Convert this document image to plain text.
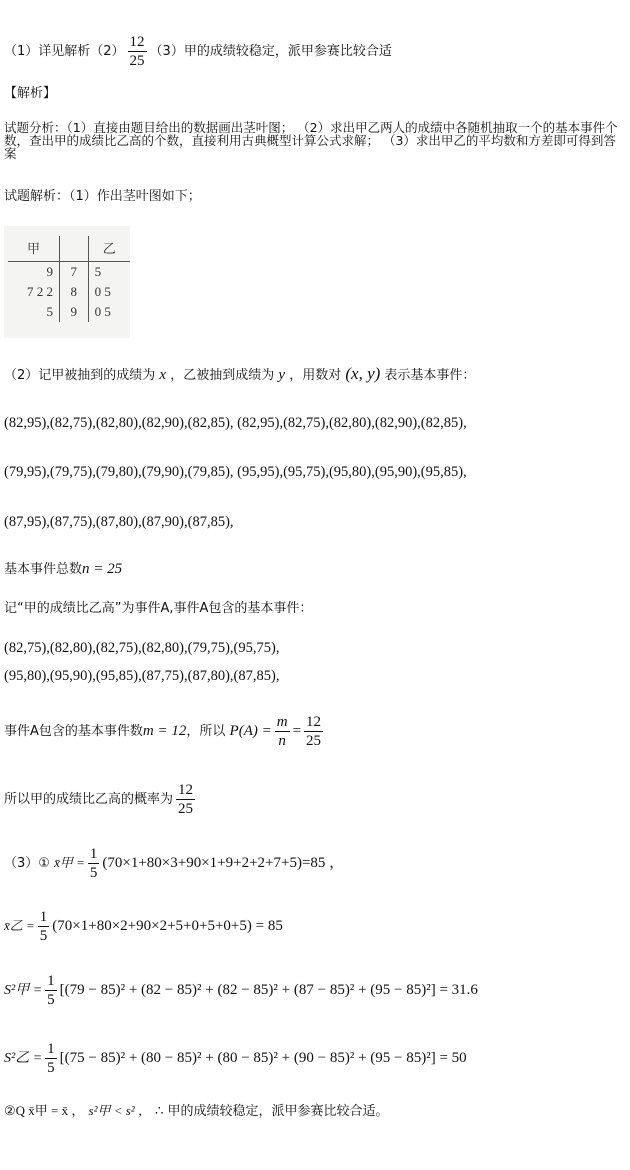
（1）详见解析$(2) \frac{12}{25} (3)$甲的成绩较稳定，派甲参赛比较合适
【解析】
试题分析：（1）直接由题目给出的数据画出茎叶图； （2）求出甲乙两人的成绩中各随机抽取一个的基本事件个数，查出甲的成绩比乙高的个数，直接利用古典概型计算公式求解； （3）求出甲乙的平均数和方差即可得到答案
试题解析：（1）作出茎叶图如下；
甲		乙
9	7	5
7 2 2	8	0 5
5	9	0 5
（2）记甲被抽到的成绩为 x ，乙被抽到成绩为 y ，用数对 (x, y) 表示基本事件：
(82,95),(82,75),(82,80),(82,90),(82,85), (82,95),(82,75),(82,80),(82,90),(82,85),
(79,95),(79,75),(79,80),(79,90),(79,85), (95,95),(95,75),(95,80),(95,90),(95,85),
(87,95),(87,75),(87,80),(87,90),(87,85),
基本事件总数n = 25
记“甲的成绩比乙高”为事件A,事件A包含的基本事件：
(82,75),(82,80),(82,75),(82,80),(79,75),(95,75),
(95,80),(95,90),(95,85),(87,75),(87,80),(87,85),
事件A包含的基本事件数m = 12，所以 $P(A) = \frac{m}{n} = \frac{12}{25}$
所以甲的成绩比乙高的概率为 $\frac{12}{25}$
（3）① x̄甲 = $\frac{1}{5} (70\times 1+80\times 3+90\times 1+9+2+2+7+5)=85$ ，
x̄乙 = $\frac{1}{5} (70\times 1+80\times 2+90\times 2+5+0+5+0+5) = 85$
S²甲 = $\frac{1}{5} [(79 - 85)^2 + (82 - 85)^2 + (82 - 85)^2 + (87 - 85)^2 + (95 - 85)^2] = 31.6$
S²乙 = $\frac{1}{5} [(75 - 85)^2 + (80 - 85)^2 + (80 - 85)^2 + (90 - 85)^2 + (95 - 85)^2] = 50$
②Q x̄甲 = x̄ ， s²甲 < s² ， ∴ 甲的成绩较稳定，派甲参赛比较合适。
